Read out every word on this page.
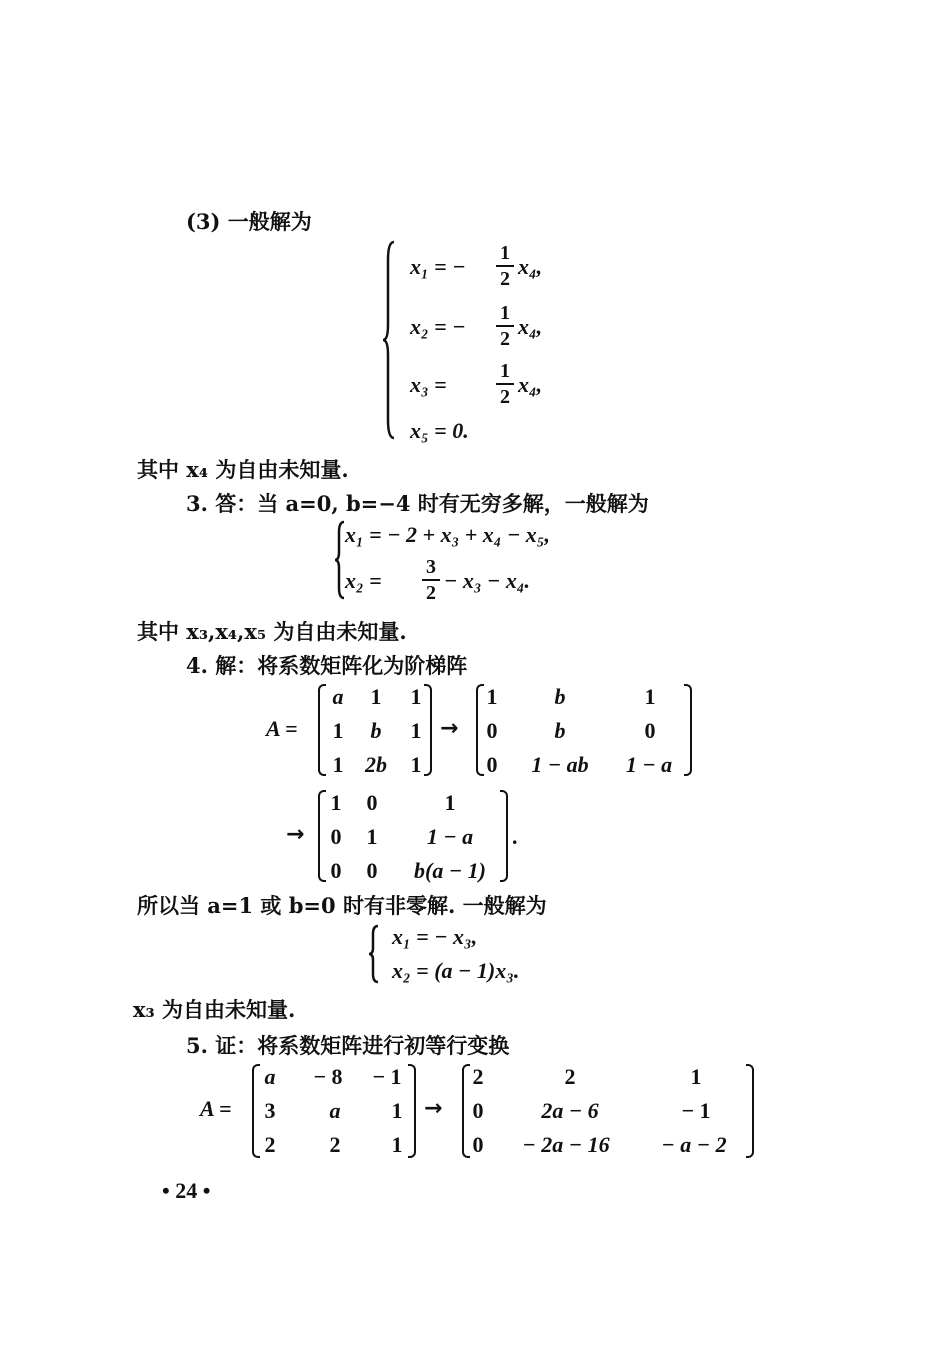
(3) 一般解为
x₁ = −
1
2 x₄,
x₂ = −
1
2 x₄,
x₃ =
1
2 x₄,
x₅ = 0.
其中 x₄ 为自由未知量.
3. 答：当 a=0, b=−4 时有无穷多解，一般解为
x₁ = − 2 + x₃ + x₄ − x₅,
x₂ =
3
2 − x₃ − x₄.
其中 x₃,x₄,x₅ 为自由未知量.
4. 解：将系数矩阵化为阶梯阵
A =
a 1 1
1 b 1
1 2b 1
→
1	b	1
0	b	0
0	1 − ab	1 − a
→
1 0	1
0 1	1 − a
0 0	b(a − 1)
.
所以当 a=1 或 b=0 时有非零解. 一般解为
x₁ = − x₃,
x₂ = (a − 1)x₃.
x₃ 为自由未知量.
5. 证：将系数矩阵进行初等行变换
A =
a	− 8	− 1
3	a	1
2	2	1
→
2	2	1
0	2a − 6	− 1
0	− 2a − 16	− a − 2
• 24 •
